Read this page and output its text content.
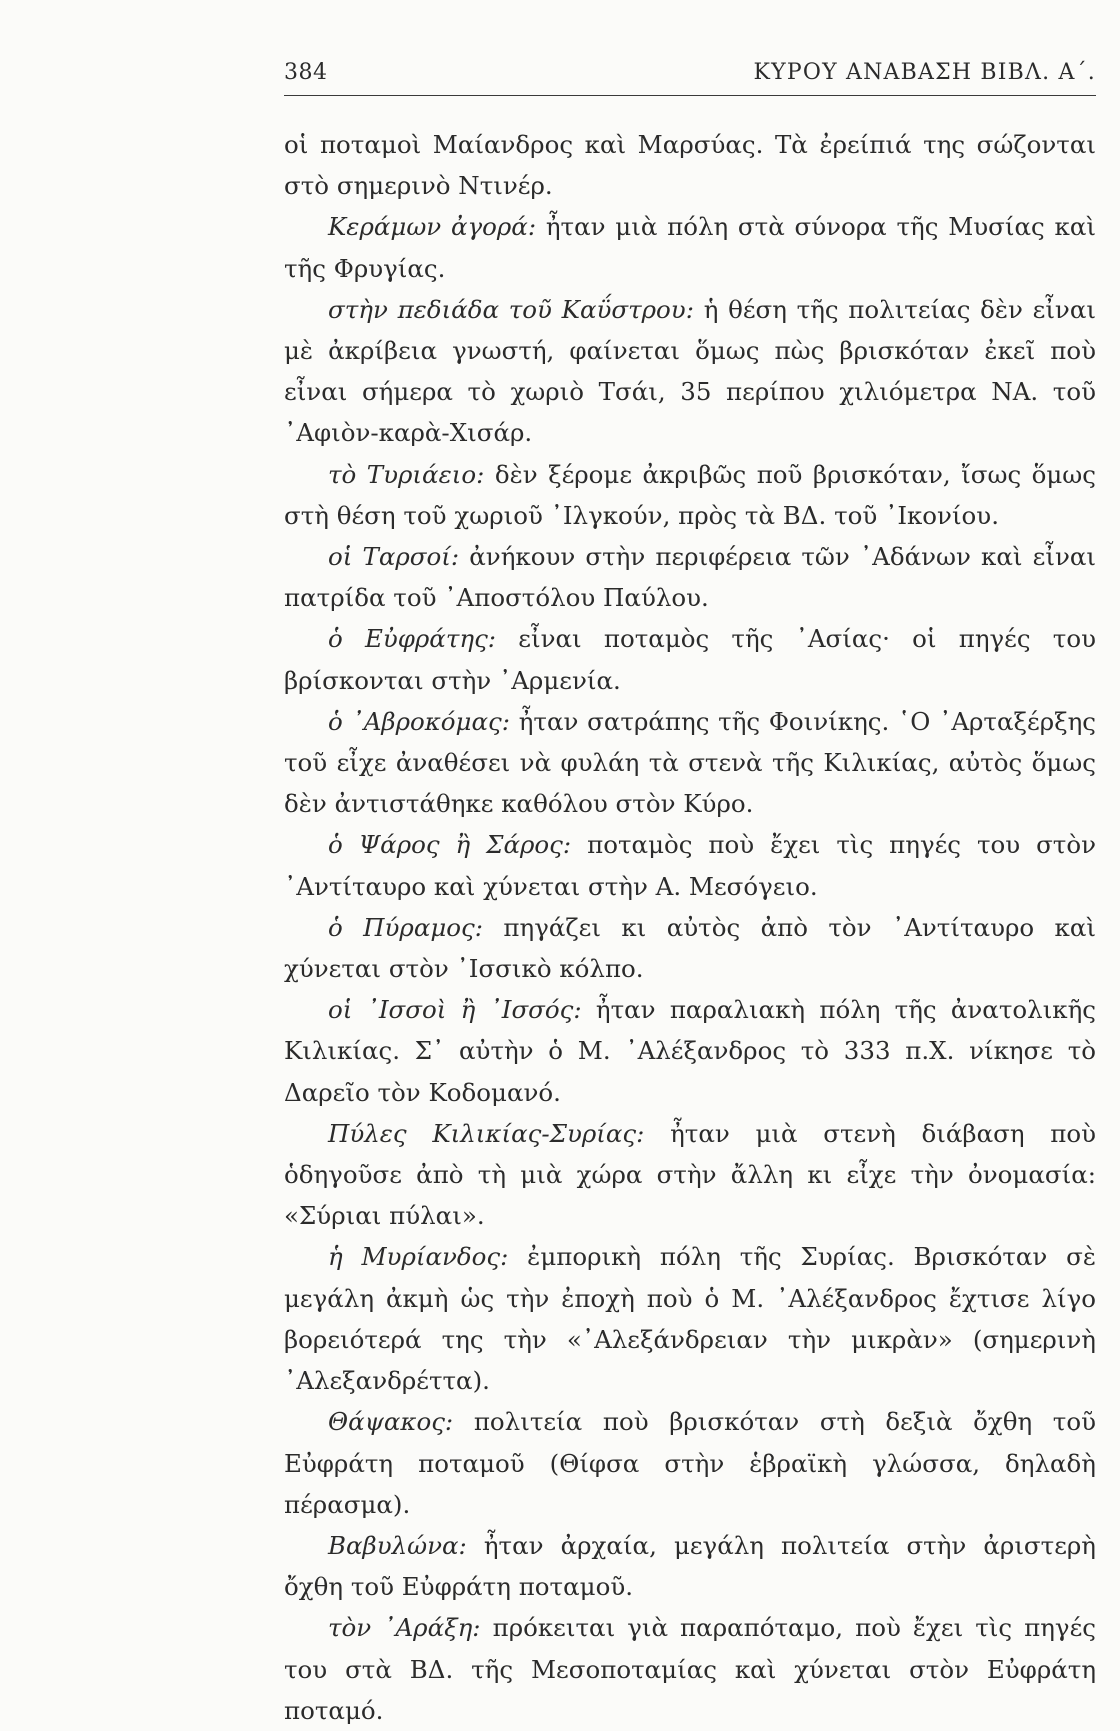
384	ΚΥΡΟΥ ΑΝΑΒΑΣΗ ΒΙΒΛ. Α΄.

οἱ ποταμοὶ Μαίανδρος καὶ Μαρσύας. Τὰ ἐρείπιά της σώζονται στὸ σημερινὸ Ντινέρ.

Κεράμων ἀγορά: ἦταν μιὰ πόλη στὰ σύνορα τῆς Μυσίας καὶ τῆς Φρυγίας.

στὴν πεδιάδα τοῦ Καΰστρου: ἡ θέση τῆς πολιτείας δὲν εἶναι μὲ ἀκρίβεια γνωστή, φαίνεται ὅμως πὼς βρισκόταν ἐκεῖ ποὺ εἶναι σήμερα τὸ χωριὸ Τσάι, 35 περίπου χιλιόμετρα ΝΑ. τοῦ ᾿Αφιὸν-καρὰ-Χισάρ.

τὸ Τυριάειο: δὲν ξέρομε ἀκριβῶς ποῦ βρισκόταν, ἴσως ὅμως στὴ θέση τοῦ χωριοῦ ᾿Ιλγκούν, πρὸς τὰ ΒΔ. τοῦ ᾿Ικονίου.

οἱ Ταρσοί: ἀνήκουν στὴν περιφέρεια τῶν ᾿Αδάνων καὶ εἶναι πατρίδα τοῦ ᾿Αποστόλου Παύλου.

ὁ Εὐφράτης: εἶναι ποταμὸς τῆς ᾿Ασίας· οἱ πηγές του βρίσκονται στὴν ᾿Αρμενία.

ὁ ᾿Αβροκόμας: ἦταν σατράπης τῆς Φοινίκης. ῾Ο ᾿Αρταξέρξης τοῦ εἶχε ἀναθέσει νὰ φυλάη τὰ στενὰ τῆς Κιλικίας, αὐτὸς ὅμως δὲν ἀντιστάθηκε καθόλου στὸν Κύρο.

ὁ Ψάρος ἢ Σάρος: ποταμὸς ποὺ ἔχει τὶς πηγές του στὸν ᾿Αντίταυρο καὶ χύνεται στὴν Α. Μεσόγειο.

ὁ Πύραμος: πηγάζει κι αὐτὸς ἀπὸ τὸν ᾿Αντίταυρο καὶ χύνεται στὸν ᾿Ισσικὸ κόλπο.

οἱ ᾿Ισσοὶ ἢ ᾿Ισσός: ἦταν παραλιακὴ πόλη τῆς ἀνατολικῆς Κιλικίας. Σ᾿ αὐτὴν ὁ Μ. ᾿Αλέξανδρος τὸ 333 π.Χ. νίκησε τὸ Δαρεῖο τὸν Κοδομανό.

Πύλες Κιλικίας-Συρίας: ἦταν μιὰ στενὴ διάβαση ποὺ ὁδηγοῦσε ἀπὸ τὴ μιὰ χώρα στὴν ἄλλη κι εἶχε τὴν ὀνομασία: «Σύριαι πύλαι».

ἡ Μυρίανδος: ἐμπορικὴ πόλη τῆς Συρίας. Βρισκόταν σὲ μεγάλη ἀκμὴ ὡς τὴν ἐποχὴ ποὺ ὁ Μ. ᾿Αλέξανδρος ἔχτισε λίγο βορειότερά της τὴν «᾿Αλεξάνδρειαν τὴν μικρὰν» (σημερινὴ ᾿Αλεξανδρέττα).

Θάψακος: πολιτεία ποὺ βρισκόταν στὴ δεξιὰ ὄχθη τοῦ Εὐφράτη ποταμοῦ (Θίφσα στὴν ἑβραϊκὴ γλώσσα, δηλαδὴ πέρασμα).

Βαβυλώνα: ἦταν ἀρχαία, μεγάλη πολιτεία στὴν ἀριστερὴ ὄχθη τοῦ Εὐφράτη ποταμοῦ.

τὸν ᾿Αράξη: πρόκειται γιὰ παραπόταμο, ποὺ ἔχει τὶς πηγές του στὰ ΒΔ. τῆς Μεσοποταμίας καὶ χύνεται στὸν Εὐφράτη ποταμό.
